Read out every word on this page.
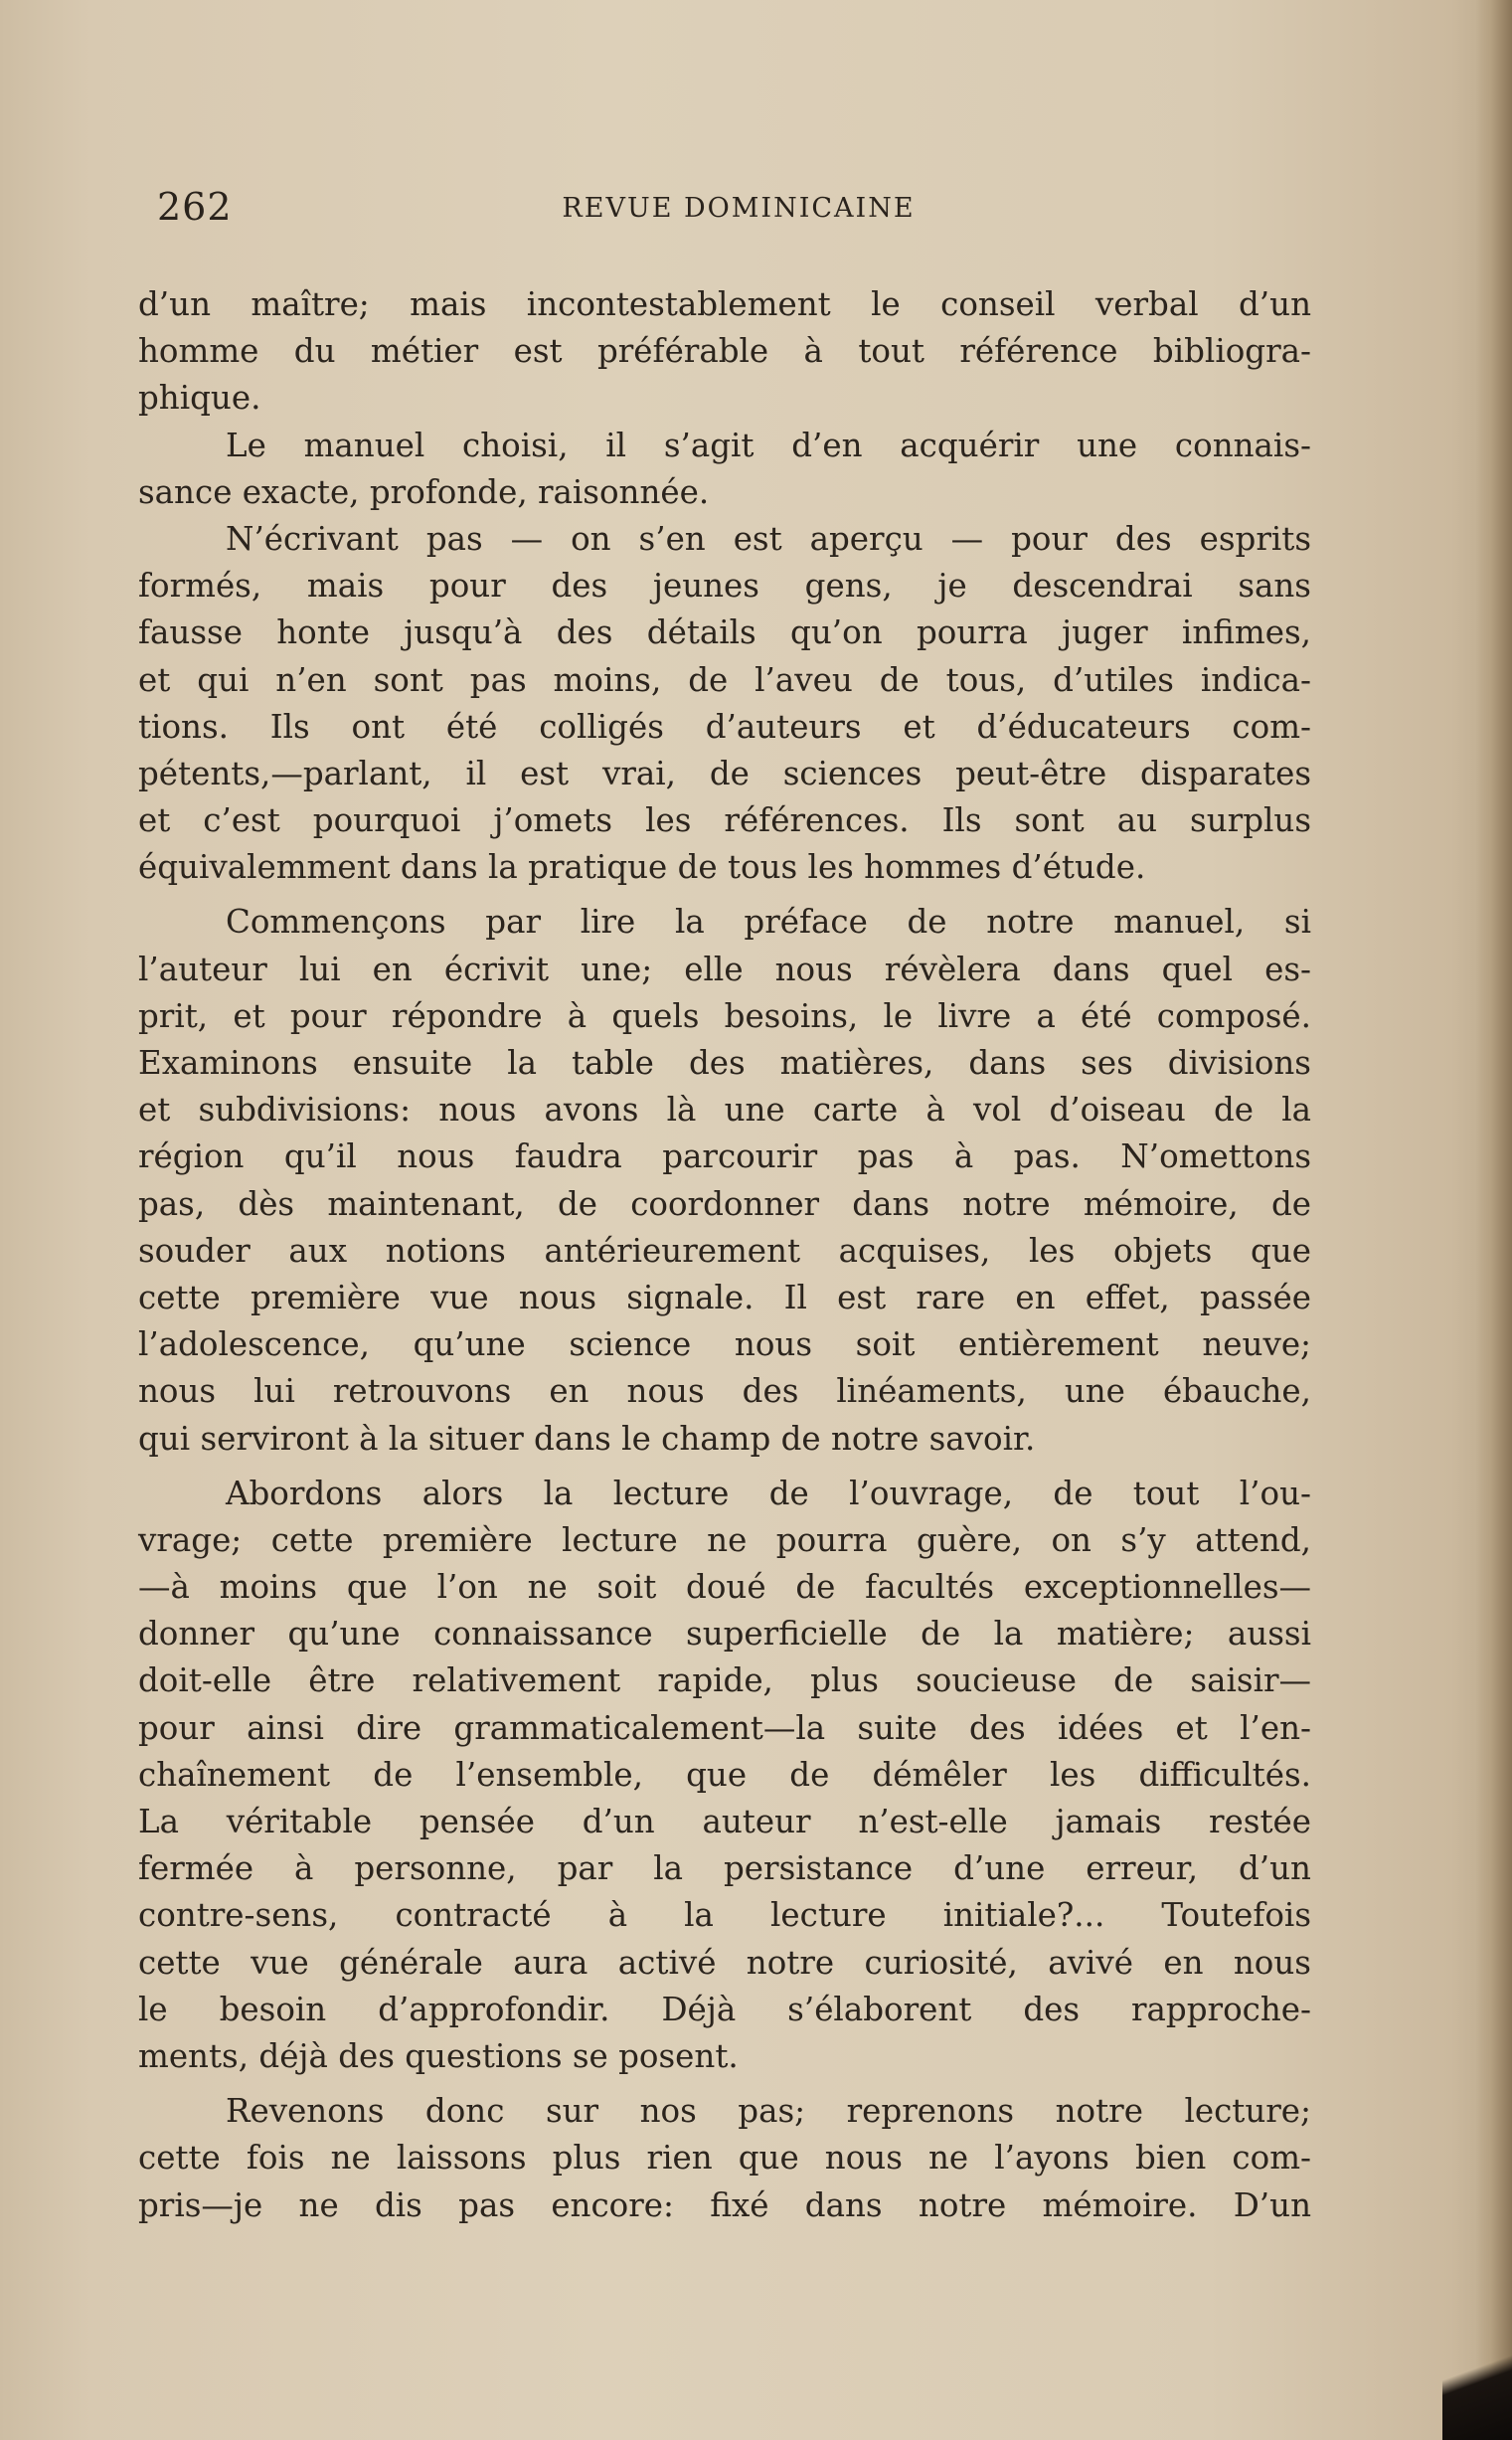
262	REVUE DOMINICAINE
d’un maître; mais incontestablement le conseil verbal d’un
homme du métier est préférable à tout référence bibliogra-
phique.
Le manuel choisi, il s’agit d’en acquérir une connais-
sance exacte, profonde, raisonnée.
N’écrivant pas — on s’en est aperçu — pour des esprits
formés, mais pour des jeunes gens, je descendrai sans
fausse honte jusqu’à des détails qu’on pourra juger infimes,
et qui n’en sont pas moins, de l’aveu de tous, d’utiles indica-
tions. Ils ont été colligés d’auteurs et d’éducateurs com-
pétents,—parlant, il est vrai, de sciences peut-être disparates
et c’est pourquoi j’omets les références. Ils sont au surplus
équivalemment dans la pratique de tous les hommes d’étude.
Commençons par lire la préface de notre manuel, si
l’auteur lui en écrivit une; elle nous révèlera dans quel es-
prit, et pour répondre à quels besoins, le livre a été composé.
Examinons ensuite la table des matières, dans ses divisions
et subdivisions: nous avons là une carte à vol d’oiseau de la
région qu’il nous faudra parcourir pas à pas. N’omettons
pas, dès maintenant, de coordonner dans notre mémoire, de
souder aux notions antérieurement acquises, les objets que
cette première vue nous signale. Il est rare en effet, passée
l’adolescence, qu’une science nous soit entièrement neuve;
nous lui retrouvons en nous des linéaments, une ébauche,
qui serviront à la situer dans le champ de notre savoir.
Abordons alors la lecture de l’ouvrage, de tout l’ou-
vrage; cette première lecture ne pourra guère, on s’y attend,
—à moins que l’on ne soit doué de facultés exceptionnelles—
donner qu’une connaissance superficielle de la matière; aussi
doit-elle être relativement rapide, plus soucieuse de saisir—
pour ainsi dire grammaticalement—la suite des idées et l’en-
chaînement de l’ensemble, que de démêler les difficultés.
La véritable pensée d’un auteur n’est-elle jamais restée
fermée à personne, par la persistance d’une erreur, d’un
contre-sens, contracté à la lecture initiale?... Toutefois
cette vue générale aura activé notre curiosité, avivé en nous
le besoin d’approfondir. Déjà s’élaborent des rapproche-
ments, déjà des questions se posent.
Revenons donc sur nos pas; reprenons notre lecture;
cette fois ne laissons plus rien que nous ne l’ayons bien com-
pris—je ne dis pas encore: fixé dans notre mémoire. D’un
